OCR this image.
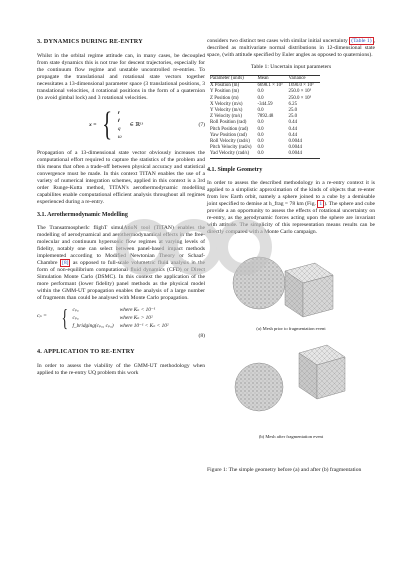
3. DYNAMICS DURING RE-ENTRY

Whilst in the orbital regime attitude can, in many cases, be decoupled from state dynamics this is not true for descent trajectories, especially for the continuum flow regime and unstable uncontrolled re-entries. To propagate the translational and rotational state vectors together necessitates a 13-dimensional parameter space (3 translational positions, 3 translational velocities, 4 rotational positions in the form of a quaternion (to avoid gimbal lock) and 3 rotational velocities.

x = { r
ṙ
q
ω
∈ ℝ¹³	(7)

Propagation of a 13-dimensional state vector obviously increases the computational effort required to capture the statistics of the problem and this means that often a trade-off between physical accuracy and statistical convergence must be made. In this context TITAN enables the use of a variety of numerical integration schemes, applied in this context is a 3rd order Runge-Kutta method, TITAN's aerothermodynamic modelling capabilites enable computational efficient analysis throughout all regimes experienced during a re-entry.

3.1. Aerothermodynamic Modelling

The TransatmospherIc flighT simulAtioN tool (TITAN) enables the modelling of aerodynamical and aerothermodynamical effects in the free-molecular and continuum hypersonic flow regimes at varying levels of fidelity, notably one can select between panel-based impact methods implemented according to Modified Newtonian Theory or Schaaf-Chambre [8] as opposed to full-scale volumetric fluid analysis in the form of non-equilibrium computational fluid dynamics (CFD) or Direct Simulation Monte Carlo (DSMC). In this context the application of the more performant (lower fidelity) panel methods as the physical model within the GMM-UT propagation enables the analysis of a large number of fragments than could be analysed with Monte Carlo propagation.

cₚ = { cₚ꜀	where Kₙ < 10⁻¹
cₚ꜀	where Kₙ > 10²
f_bridging(cₚ꜀, cₚ꜀)	where 10⁻¹ < Kₙ < 10²
(8)
4. APPLICATION TO RE-ENTRY

In order to assess the viability of the GMM-UT methodology when applied to the re-entry UQ problem this work

considers two distinct test cases with similar initial uncertainty (Table 1) , described as multivariate normal distributions in 12-dimensional state space, (with attitude specified by Euler angles as opposed to quaternions).

Table 1: Uncertain input parameters
Parameter (units)	Mean	Variance
X Position (m)	6698.1 × 10³	1690.0 × 10³
Y Position (m)	0.0	250.0 × 10³
Z Position (m)	0.0	250.0 × 10³
X Velocity (m/s)	-344.59	6.25
Y Velocity (m/s)	0.0	25.0
Z Velocity (m/s)	7892.48	25.0
Roll Position (rad)	0.0	0.44
Pitch Position (rad)	0.0	0.44
Yaw Position (rad)	0.0	0.44
Roll Velocity (rad/s)	0.0	0.0044
Pitch Velocity (rad/s)	0.0	0.0044
Yad Velocity (rad/s)	0.0	0.0044
4.1. Simple Geometry

In order to assess the described methodology in a re-entry context it is applied to a simplistic approximation of the kinds of objects that re-enter from low Earth orbit, namely a sphere joined to a cube by a demisable joint specified to demise at h_frag = 78 km (Fig. 1 ). The sphere and cube provide a an opportunity to assess the effects of rotational uncertainty on re-entry, as the aerodynamic forces acting upon the sphere are invariant with attitude. The simplicity of this representation means results can be directly compared with a Monte Carlo campaign.

(a) Mesh prior to fragmentation event
(b) Mesh after fragmentation event

Figure 1: The simple geometry before (a) and after (b) fragmentation
